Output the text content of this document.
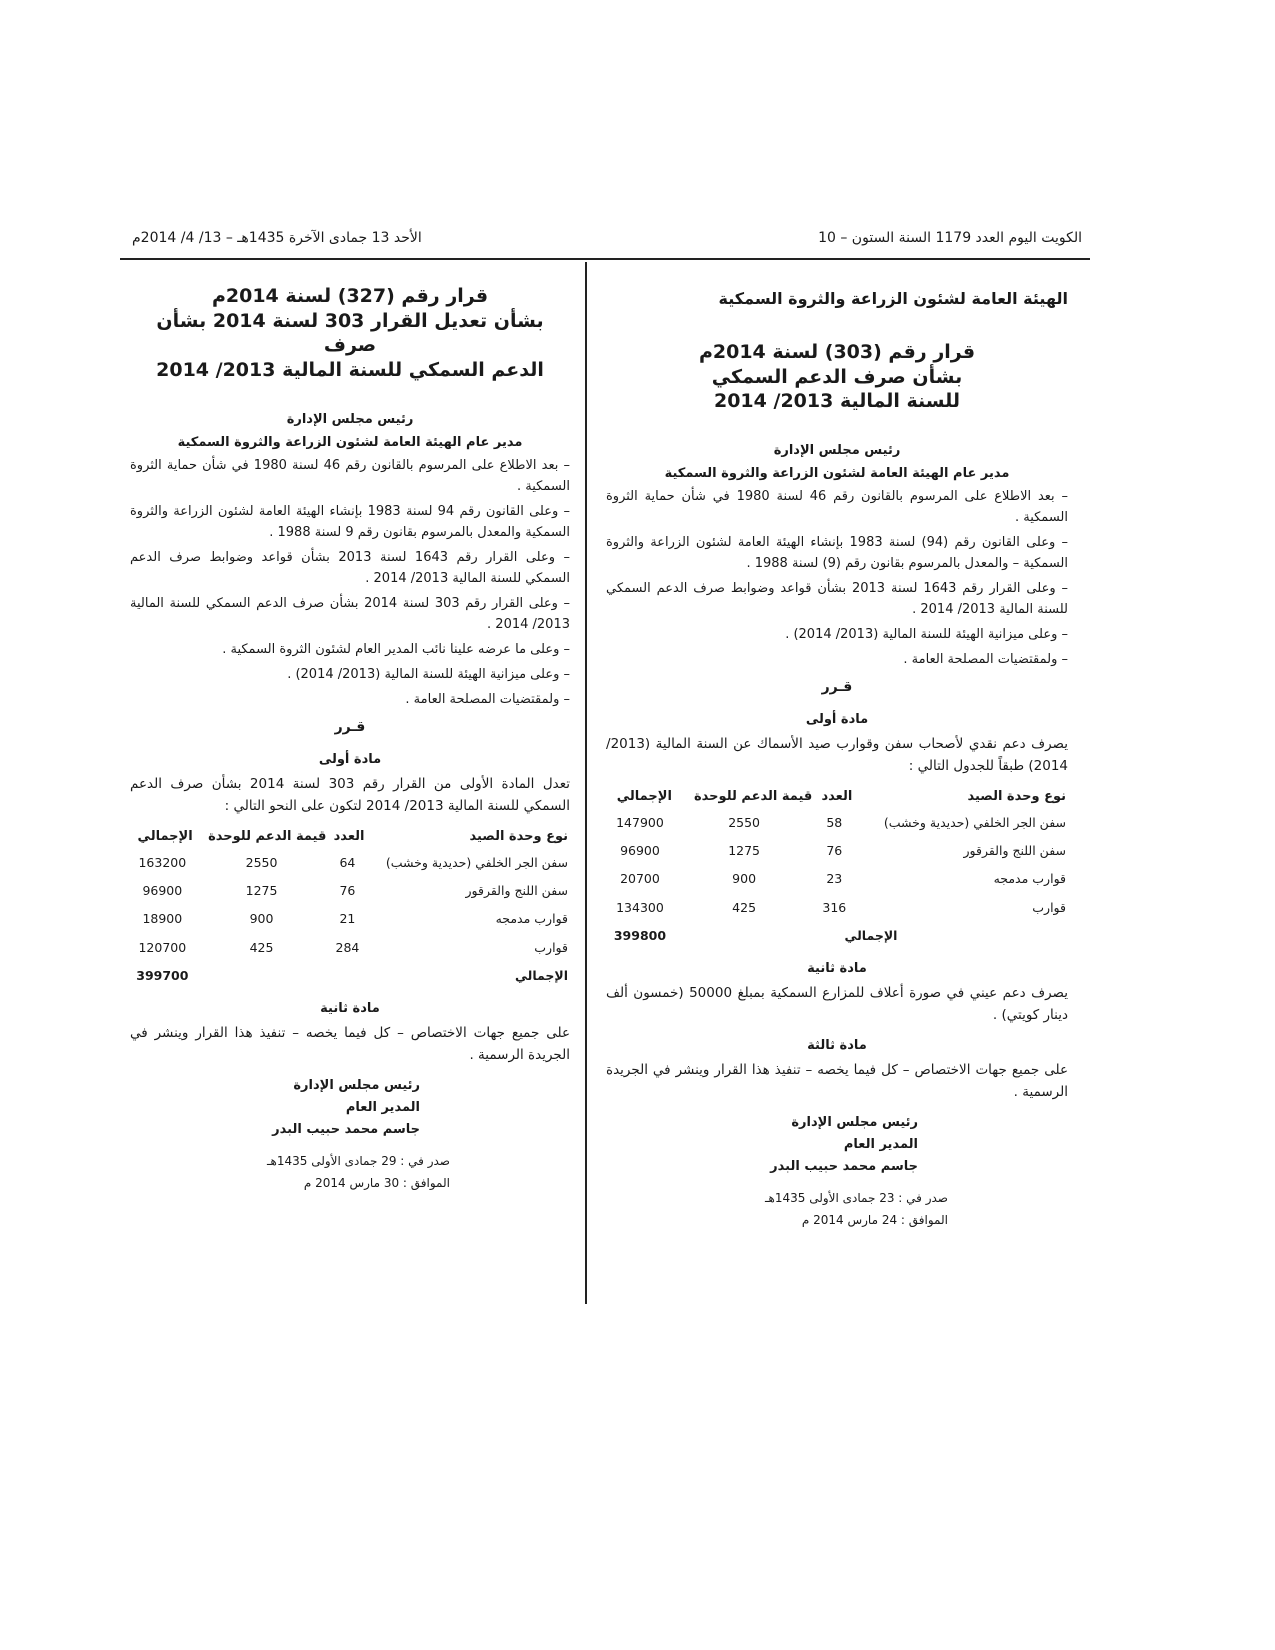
الكويت اليوم العدد 1179 السنة الستون – 10
الأحد 13 جمادى الآخرة 1435هـ – 13/ 4/ 2014م
الهيئة العامة لشئون الزراعة والثروة السمكية
قرار رقم (303) لسنة 2014م
بشأن صرف الدعم السمكي
للسنة المالية 2013/ 2014
رئيس مجلس الإدارة
مدير عام الهيئة العامة لشئون الزراعة والثروة السمكية

– بعد الاطلاع على المرسوم بالقانون رقم 46 لسنة 1980 في شأن حماية الثروة السمكية .

– وعلى القانون رقم (94) لسنة 1983 بإنشاء الهيئة العامة لشئون الزراعة والثروة السمكية – والمعدل بالمرسوم بقانون رقم (9) لسنة 1988 .

– وعلى القرار رقم 1643 لسنة 2013 بشأن قواعد وضوابط صرف الدعم السمكي للسنة المالية 2013/ 2014 .

– وعلى ميزانية الهيئة للسنة المالية (2013/ 2014) .

– ولمقتضيات المصلحة العامة .

قـرر
مادة أولى

يصرف دعم نقدي لأصحاب سفن وقوارب صيد الأسماك عن السنة المالية (2013/ 2014) طبقاً للجدول التالي :

نوع وحدة الصيد	العدد	قيمة الدعم للوحدة	الإجمالي
سفن الجر الخلفي (حديدية وخشب)	58	2550	147900
سفن اللنج والقرقور	76	1275	96900
قوارب مدمجه	23	900	20700
قوارب	316	425	134300
الإجمالي			399800
مادة ثانية

يصرف دعم عيني في صورة أعلاف للمزارع السمكية بمبلغ 50000 (خمسون ألف دينار كويتي) .

مادة ثالثة

على جميع جهات الاختصاص – كل فيما يخصه – تنفيذ هذا القرار وينشر في الجريدة الرسمية .

رئيس مجلس الإدارة
المدير العام
جاسم محمد حبيب البدر
صدر في : 23 جمادى الأولى 1435هـ
الموافق : 24 مارس 2014 م
قرار رقم (327) لسنة 2014م
بشأن تعديل القرار 303 لسنة 2014 بشأن صرف
الدعم السمكي للسنة المالية 2013/ 2014
رئيس مجلس الإدارة
مدير عام الهيئة العامة لشئون الزراعة والثروة السمكية

– بعد الاطلاع على المرسوم بالقانون رقم 46 لسنة 1980 في شأن حماية الثروة السمكية .

– وعلى القانون رقم 94 لسنة 1983 بإنشاء الهيئة العامة لشئون الزراعة والثروة السمكية والمعدل بالمرسوم بقانون رقم 9 لسنة 1988 .

– وعلى القرار رقم 1643 لسنة 2013 بشأن قواعد وضوابط صرف الدعم السمكي للسنة المالية 2013/ 2014 .

– وعلى القرار رقم 303 لسنة 2014 بشأن صرف الدعم السمكي للسنة المالية 2013/ 2014 .

– وعلى ما عرضه علينا نائب المدير العام لشئون الثروة السمكية .

– وعلى ميزانية الهيئة للسنة المالية (2013/ 2014) .

– ولمقتضيات المصلحة العامة .

قـرر
مادة أولى

تعدل المادة الأولى من القرار رقم 303 لسنة 2014 بشأن صرف الدعم السمكي للسنة المالية 2013/ 2014 لتكون على النحو التالي :

نوع وحدة الصيد	العدد	قيمة الدعم للوحدة	الإجمالي
سفن الجر الخلفي (حديدية وخشب)	64	2550	163200
سفن اللنج والقرقور	76	1275	96900
قوارب مدمجه	21	900	18900
قوارب	284	425	120700
الإجمالي			399700
مادة ثانية

على جميع جهات الاختصاص – كل فيما يخصه – تنفيذ هذا القرار وينشر في الجريدة الرسمية .

رئيس مجلس الإدارة
المدير العام
جاسم محمد حبيب البدر
صدر في : 29 جمادى الأولى 1435هـ
الموافق : 30 مارس 2014 م
